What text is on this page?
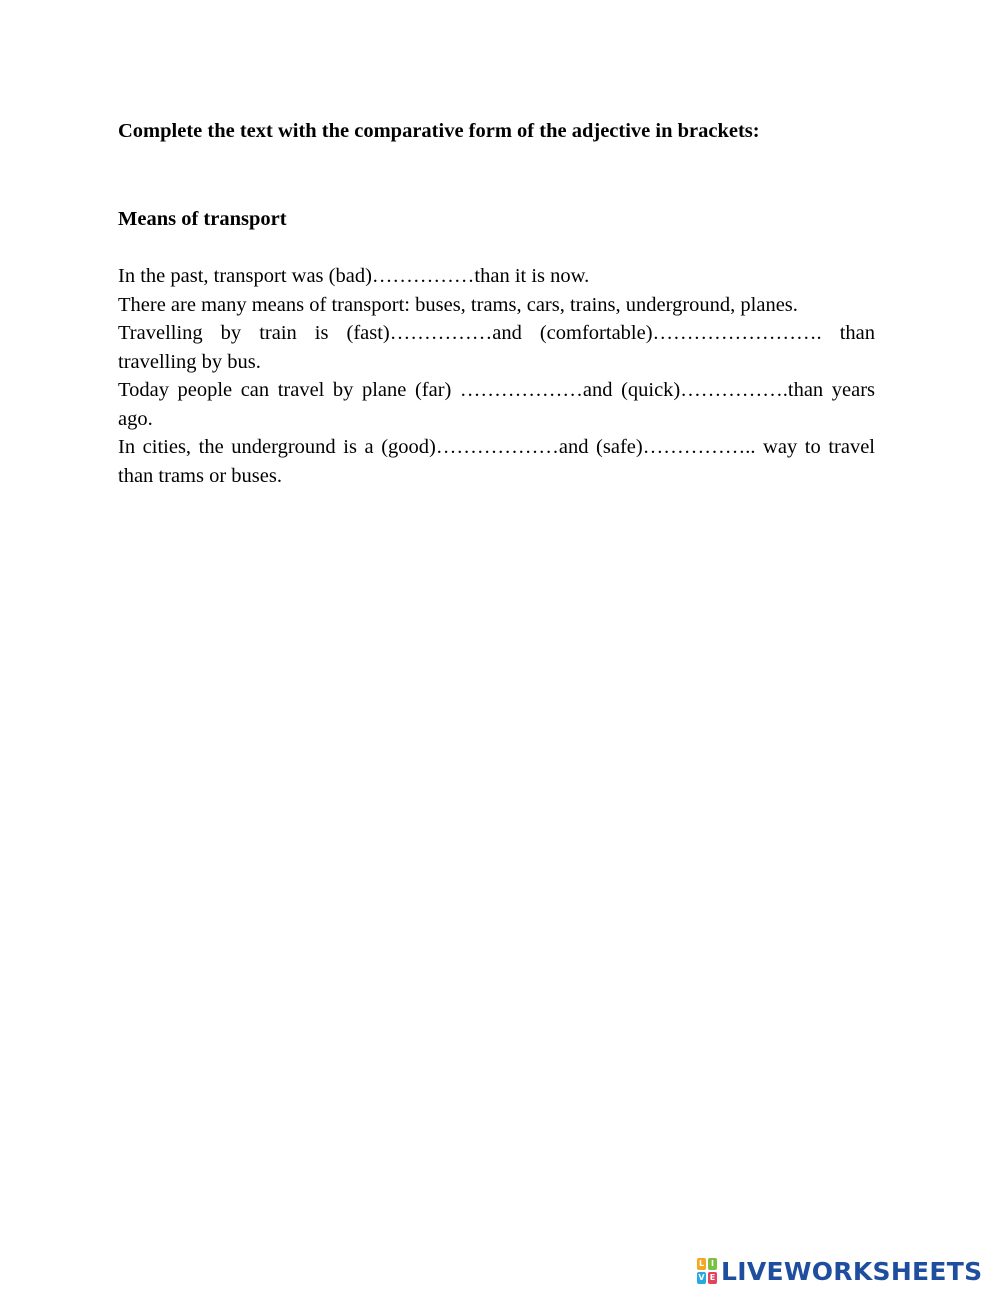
Complete the text with the comparative form of the adjective in brackets:
Means of transport

In the past, transport was (bad)……………than it is now.

There are many means of transport: buses, trams, cars, trains, underground, planes.

Travelling by train is (fast)……………and (comfortable)……………………. than travelling by bus.

Today people can travel by plane (far) ………………and (quick)…………….than years ago.

In cities, the underground is a (good)………………and (safe)…………….. way to travel than trams or buses.

L I
V E LIVEWORKSHEETS
